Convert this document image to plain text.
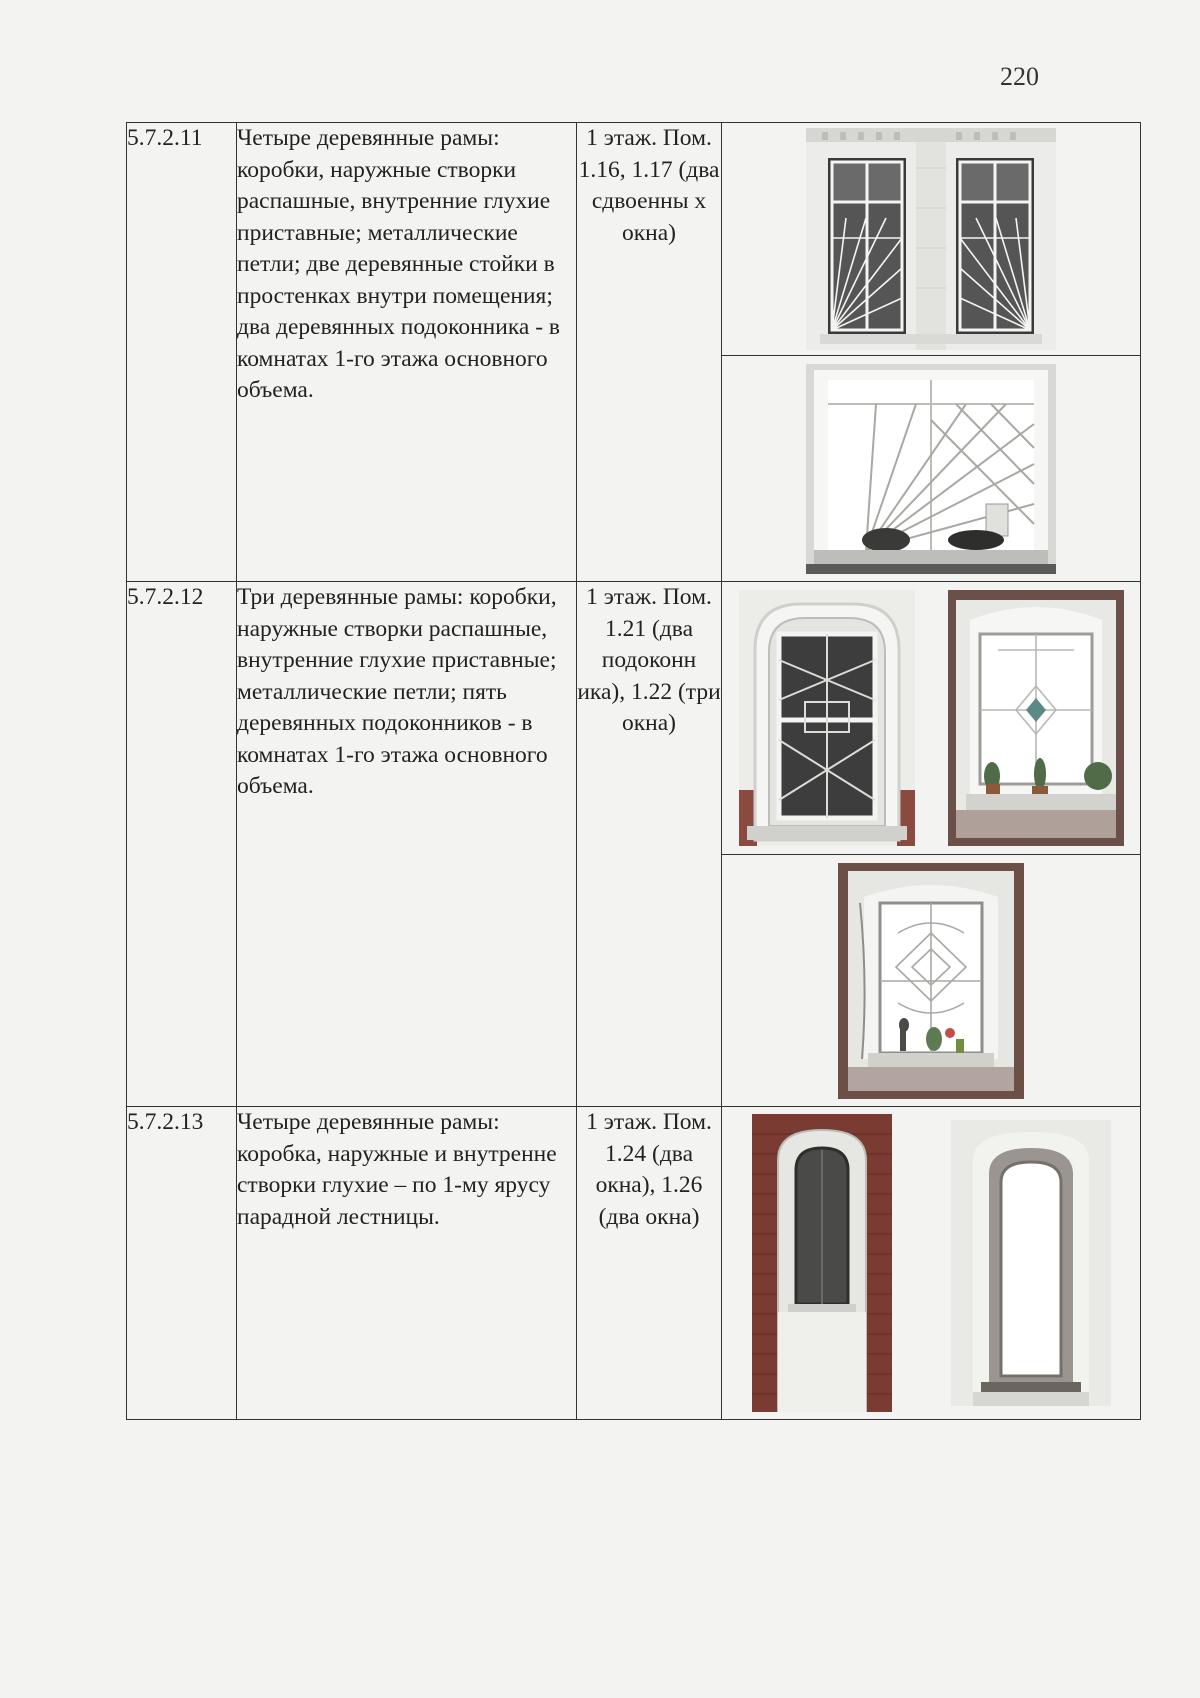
220
5.7.2.11	Четыре деревянные рамы: коробки, наружные створки распашные, внутренние глухие приставные; металлические петли; две деревянные стойки в простенках внутри помещения; два деревянных подоконника - в комнатах 1-го этажа основного объема.	1 этаж. Пом. 1.16, 1.17 (два сдвоенны х окна)

5.7.2.12	Три деревянные рамы: коробки, наружные створки распашные, внутренние глухие приставные; металлические петли; пять деревянных подоконников - в комнатах 1-го этажа основного объема.	1 этаж. Пом. 1.21 (два подоконн ика), 1.22 (три окна)

5.7.2.13	Четыре деревянные рамы: коробка, наружные и внутренне створки глухие – по 1-му ярусу парадной лестницы.	1 этаж. Пом. 1.24 (два окна), 1.26 (два окна)
